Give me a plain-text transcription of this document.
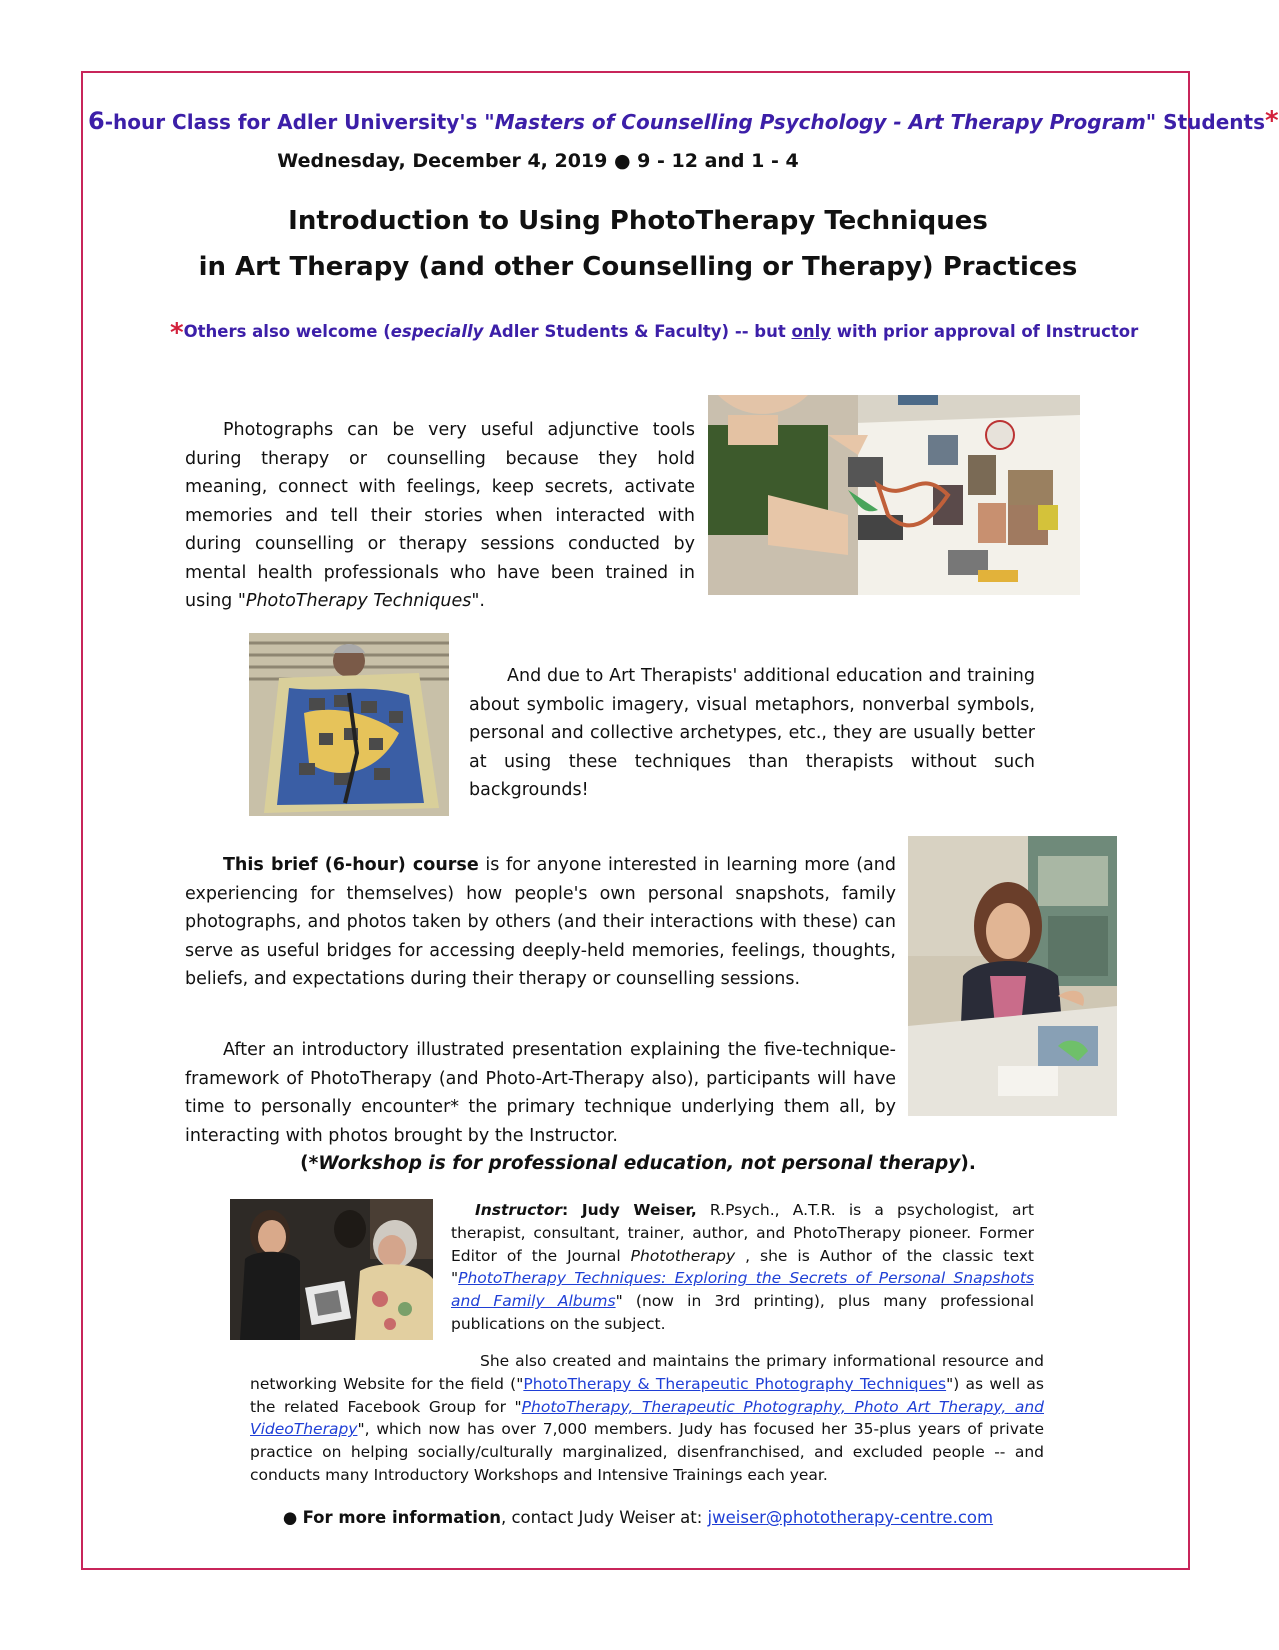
6-hour Class for Adler University's "Masters of Counselling Psychology - Art Therapy Program" Students*
Wednesday, December 4, 2019 ● 9 - 12 and 1 - 4
Introduction to Using PhotoTherapy Techniques
in Art Therapy (and other Counselling or Therapy) Practices
*Others also welcome (especially Adler Students & Faculty) -- but only with prior approval of Instructor
Photographs can be very useful adjunctive tools during therapy or counselling because they hold meaning, connect with feelings, keep secrets, activate memories and tell their stories when interacted with during counselling or therapy sessions conducted by mental health professionals who have been trained in using "PhotoTherapy Techniques".
And due to Art Therapists' additional education and training about symbolic imagery, visual metaphors, nonverbal symbols, personal and collective archetypes, etc., they are usually better at using these techniques than therapists without such backgrounds!
This brief (6-hour) course is for anyone interested in learning more (and experiencing for themselves) how people's own personal snapshots, family photographs, and photos taken by others (and their interactions with these) can serve as useful bridges for accessing deeply-held memories, feelings, thoughts, beliefs, and expectations during their therapy or counselling sessions.
After an introductory illustrated presentation explaining the five-technique-framework of PhotoTherapy (and Photo-Art-Therapy also), participants will have time to personally encounter* the primary technique underlying them all, by interacting with photos brought by the Instructor.
(*Workshop is for professional education, not personal therapy).
Instructor: Judy Weiser, R.Psych., A.T.R. is a psychologist, art therapist, consultant, trainer, author, and PhotoTherapy pioneer. Former Editor of the Journal Phototherapy , she is Author of the classic text "PhotoTherapy Techniques: Exploring the Secrets of Personal Snapshots and Family Albums" (now in 3rd printing), plus many professional publications on the subject.
She also created and maintains the primary informational resource and networking Website for the field ("PhotoTherapy & Therapeutic Photography Techniques") as well as the related Facebook Group for "PhotoTherapy, Therapeutic Photography, Photo Art Therapy, and VideoTherapy", which now has over 7,000 members. Judy has focused her 35-plus years of private practice on helping socially/culturally marginalized, disenfranchised, and excluded people -- and conducts many Introductory Workshops and Intensive Trainings each year.
● For more information, contact Judy Weiser at: jweiser@phototherapy-centre.com
